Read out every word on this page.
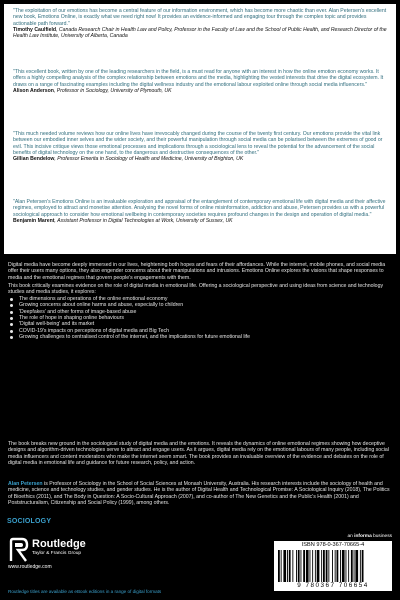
"The exploitation of our emotions has become a central feature of our information environment, which has become more chaotic than ever. Alan Petersen's excellent new book, Emotions Online, is exactly what we need right now! It provides an evidence-informed and engaging tour through the complex topic and provides actionable path forward."

Timothy Caulfield, Canada Research Chair in Health Law and Policy, Professor in the Faculty of Law and the School of Public Health, and Research Director of the Health Law Institute, University of Alberta, Canada

"This excellent book, written by one of the leading researchers in the field, is a must read for anyone with an interest in how the online emotion economy works. It offers a highly compelling analysis of the complex relationship between emotions and the media, highlighting the vested interests that drive the digital ecosystem. It draws on a range of fascinating examples including the digital wellness industry and the emotional labour exploited online through social media influencers."

Alison Anderson, Professor in Sociology, University of Plymouth, UK

"This much needed volume reviews how our online lives have irrevocably changed during the course of the twenty first century. Our emotions provide the vital link between our embodied inner selves and the wider society, and their powerful manipulation through social media can be polarised between the extremes of good or evil. This incisive critique views those emotional processes and implications through a sociological lens to reveal the potential for the advancement of the social benefits of digital technology on the one hand, to the dangerous and destructive consequences of the other."

Gillian Bendelow, Professor Emerita in Sociology of Health and Medicine, University of Brighton, UK

"Alan Petersen's Emotions Online is an invaluable exploration and appraisal of the entanglement of contemporary emotional life with digital media and their affective regimes, employed to attract and monetise attention. Analysing the novel forms of online misinformation, addiction and abuse, Petersen provides us with a powerful sociological approach to consider how emotional wellbeing in contemporary societies requires profound changes in the design and operation of digital media."

Benjamin Marent, Assistant Professor in Digital Technologies at Work, University of Sussex, UK

Digital media have become deeply immersed in our lives, heightening both hopes and fears of their affordances. While the internet, mobile phones, and social media offer their users many options, they also engender concerns about their manipulations and intrusions. Emotions Online explores the visions that shape responses to media and the emotional regimes that govern people's engagements with them.

This book critically examines evidence on the role of digital media in emotional life. Offering a sociological perspective and using ideas from science and technology studies and media studies, it explores:

The dimensions and operations of the online emotional economy
Growing concerns about online harms and abuse, especially to children
'Deepfakes' and other forms of image-based abuse
The role of hope in shaping online behaviours
'Digital well-being' and its market
COVID-19's impacts on perceptions of digital media and Big Tech
Growing challenges to centralised control of the internet, and the implications for future emotional life

The book breaks new ground in the sociological study of digital media and the emotions. It reveals the dynamics of online emotional regimes showing how deceptive designs and algorithm-driven technologies serve to attract and engage users. As it argues, digital media rely on the emotional labours of many people, including social media influencers and content moderators who make the internet seem smart. The book provides an invaluable overview of the evidence and debates on the role of digital media in emotional life and guidance for future research, policy, and action.

Alan Petersen is Professor of Sociology in the School of Social Sciences at Monash University, Australia. His research interests include the sociology of health and medicine, science and technology studies, and gender studies. He is the author of Digital Health and Technological Promise: A Sociological Inquiry (2018), The Politics of Bioethics (2011), and The Body in Question: A Socio-Cultural Approach (2007), and co-author of The New Genetics and the Public's Health (2001) and Poststructuralism, Citizenship and Social Policy (1999), among others.

SOCIOLOGY
Routledge
Taylor & Francis Group
www.routledge.com
an informa business
ISBN 978-0-367-70665-4
9 780367 706654
Routledge titles are available as eBook editions in a range of digital formats
